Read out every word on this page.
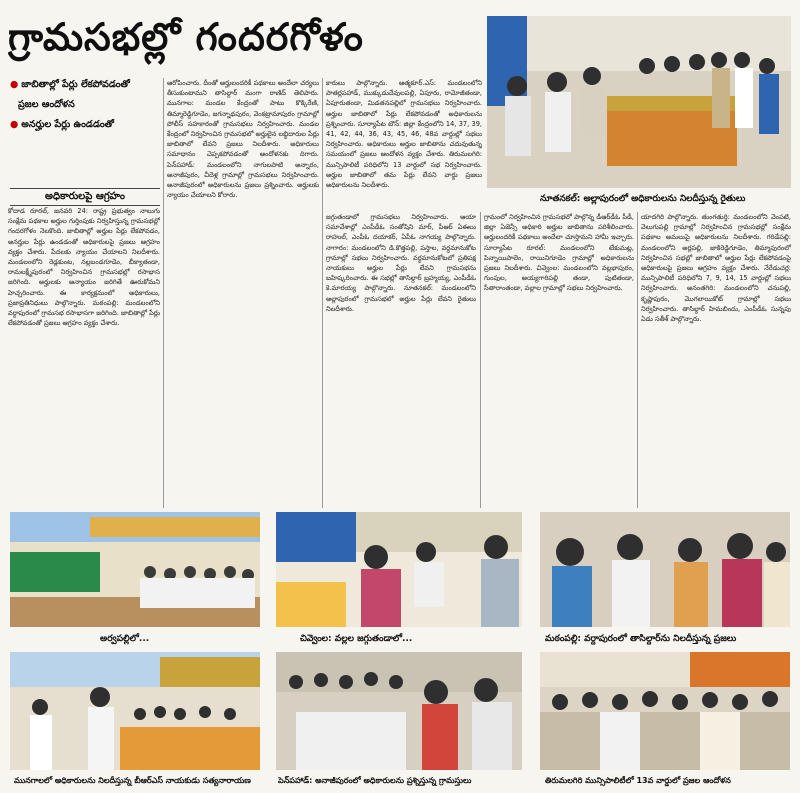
గ్రామసభల్లో గందరగోళం
● జాబితాల్లో పేర్లు లేకపోవడంతో
ప్రజల ఆందోళన
● అనర్హుల పేర్లు ఉండడంతో
అధికారులపై ఆగ్రహం
కోదాడ రూరల్, జనవరి 24: రాష్ట్ర ప్రభుత్వం నాలుగు సంక్షేమ పథకాల అర్హుల గుర్తింపుకు నిర్వహిస్తున్న గ్రామసభల్లో గందరగోళం నెలకొంది. జాబితాల్లో అర్హుల పేర్లు లేకపోవడం, అనర్హుల పేర్లు ఉండడంతో అధికారులపై ప్రజలు ఆగ్రహం వ్యక్తం చేశారు. పేదలకు న్యాయం చేయాలని నిలదీశారు. మండలంలోని రెడ్లకుంట, నల్లబండగూడెం, బీక్యాతండా, రామలక్ష్మీపురంలో నిర్వహించిన గ్రామసభల్లో రసాభాస జరిగింది. అర్హులకు అన్యాయం జరిగితే ఊరుకోమని హెచ్చరించారు. ఈ కార్యక్రమంలో అధికారులు, ప్రజాప్రతినిధులు పాల్గొన్నారు. మఠంపల్లి: మండలంలోని వర్దాపురంలో గ్రామసభ రసాభాసగా జరిగింది. జాబితాల్లో పేర్లు లేకపోవడంతో ప్రజలు ఆగ్రహం వ్యక్తం చేశారు.
ఆరోపించారు. దీంతో అర్హులందరికీ పథకాలు అందేలా చర్యలు తీసుకుంటామని తాసిల్దార్ మంగా రాణిద్ తెలిపారు. మునగాల: మండల కేంద్రంతో పాటు కొక్కిరేణి, తిమ్మారెడ్డిగూడెం, జగన్నాథపురం, వెంకట్రామాపురం గ్రామాల్లో పోలీస్ సహకారంతో గ్రామసభలు నిర్వహించారు. మండల కేంద్రంలో నిర్వహించిన గ్రామసభలో అర్హులైన లబ్ధిదారుల పేర్లు జాబితాలో లేవని ప్రజలు నిలదీశారు. అధికారులు సమాధానం చెప్పకపోవడంతో ఆందోళనకు దిగారు. పెన్‌పహాడ్: మండలంలోని నాగులపాటి అన్నారం, అనాజీపురం, చీదెళ్ల గ్రామాల్లో గ్రామసభలు నిర్వహించారు. అనాజీపురంలో అధికారులను ప్రజలు ప్రశ్నించారు. అర్హులకు న్యాయం చేయాలని కోరారు.
కారులు పాల్గొన్నారు. ఆత్మకూర్.ఎస్: మండలంలోని పాతర్లపహాడ్, ముక్కుడుదేవులపల్లి, ఏపూరు, రామోజీతండా, ఏపూరుతండా, మిడతనపల్లిలో గ్రామసభలు నిర్వహించారు. అర్హుల జాబితాలో పేర్లు లేకపోవడంతో అధికారులను ప్రశ్నించారు. సూర్యాపేట టౌన్: జిల్లా కేంద్రంలోని 14, 37, 39, 41, 42, 44, 36, 43, 45, 46, 48వ వార్డుల్లో సభలు నిర్వహించారు. అధికారులు అర్హుల జాబితాను చదువుతున్న సమయంలో ప్రజలు ఆందోళన వ్యక్తం చేశారు. తిరుమలగిరి: మున్సిపాలిటీ పరిధిలోని 13 వార్డులో సభ నిర్వహించారు. అర్హుల జాబితాలో తమ పేర్లు లేవని వార్డు ప్రజలు అధికారులను నిలదీశారు.
నూతనకల్: అల్లాపురంలో అధికారులను నిలదీస్తున్న రైతులు
జగ్గుతండాలో గ్రామసభలు నిర్వహించారు. ఆయా సమావేశాల్లో ఎంపీడీఓ సంతోషిని మార్, పీఆర్ ఏఈలు రాహుల్, ఎంపీఓ దయాకర్, ఏపీఓ నాగయ్య పాల్గొన్నారు. నాగారం: మండలంలోని డి.కొత్తపల్లి, పస్తాల, వర్ధమానుకోట గ్రామాల్లో సభలు నిర్వహించారు. వర్ధమానుకోటలో ప్రతిపక్ష నాయకులు అర్హుల పేర్లు లేవని గ్రామసభను బహిష్కరించారు. ఈ సభల్లో తాసిల్దార్ బ్రహ్మయ్య, ఎంపీడీఓ కె.మారయ్య పాల్గొన్నారు. నూతనకల్: మండలంలోని అల్లాపురంలో గ్రామసభలో అర్హుల పేర్లు లేవని రైతులు నిలదీశారు.
గ్రామంలో నిర్వహించిన గ్రామసభలో పాల్గొన్న డీఆర్‌డీఓ పీడీ, జిల్లా ఏజెన్సీ అధికారి అర్హుల జాబితాను పరిశీలించారు. అర్హులందరికీ పథకాలు అందేలా చూస్తామని హామీ ఇచ్చారు. సూర్యాపేట రూరల్: మండలంలోని టేకుమట్ల, పిన్నాయిపాలెం, రాయినిగూడెం గ్రామాల్లో అధికారులను ప్రజలు నిలదీశారు. చివ్వెంల: మండలంలోని వల్లభాపురం, గుంపుల, అయ్యగారిపల్లి తండా, పుటితండా, సీతారాంతండా, వల్లాల గ్రామాల్లో సభలు నిర్వహించారు.
యాదగిరి పాల్గొన్నారు. తుంగతుర్తి: మండలంలోని వెంపటి, వెలుగుపల్లి గ్రామాల్లో నిర్వహించిన గ్రామసభల్లో సంక్షేమ పథకాల అమలుపై అధికారులను నిలదీశారు. గరిడేపల్లి: మండలంలోని అర్లపల్లి, జాకిరెడ్డిగూడెం, తిమ్మాపురంలో నిర్వహించిన సభల్లో జాబితాలో అర్హుల పేర్లు లేకపోవడంపై అధికారులపై ప్రజలు ఆగ్రహం వ్యక్తం చేశారు. నేరేడుచర్ల: మున్సిపాలిటీ పరిధిలోని 7, 9, 14, 15 వార్డుల్లో సభలు నిర్వహించారు. అనంతగిరి: మండలంలోని చనుపల్లి, కృష్ణాపురం, మొగలాయికోట్ గ్రామాల్లో సభలు నిర్వహించారు. తాసిల్దార్ హిమబిందు, ఎంపీడీఓ సున్నపు ఏడు సతీశ్ పాల్గొన్నారు.
అర్వపల్లిలో...	చివ్వెంల: వల్లల జగ్గుతండాలో...	మఠంపల్లి: వర్దాపురంలో తాసిల్దార్‌ను నిలదీస్తున్న ప్రజలు
మునగాలలో అధికారులను నిలదీస్తున్న బీఆర్‌ఎస్ నాయకుడు సత్యనారాయణ	పెన్‌పహాడ్: అనాజీపురంలో అధికారులను ప్రశ్నిస్తున్న గ్రామస్తులు	తిరుమలగిరి మున్సిపాలిటీలో 13వ వార్డులో ప్రజల ఆందోళన
